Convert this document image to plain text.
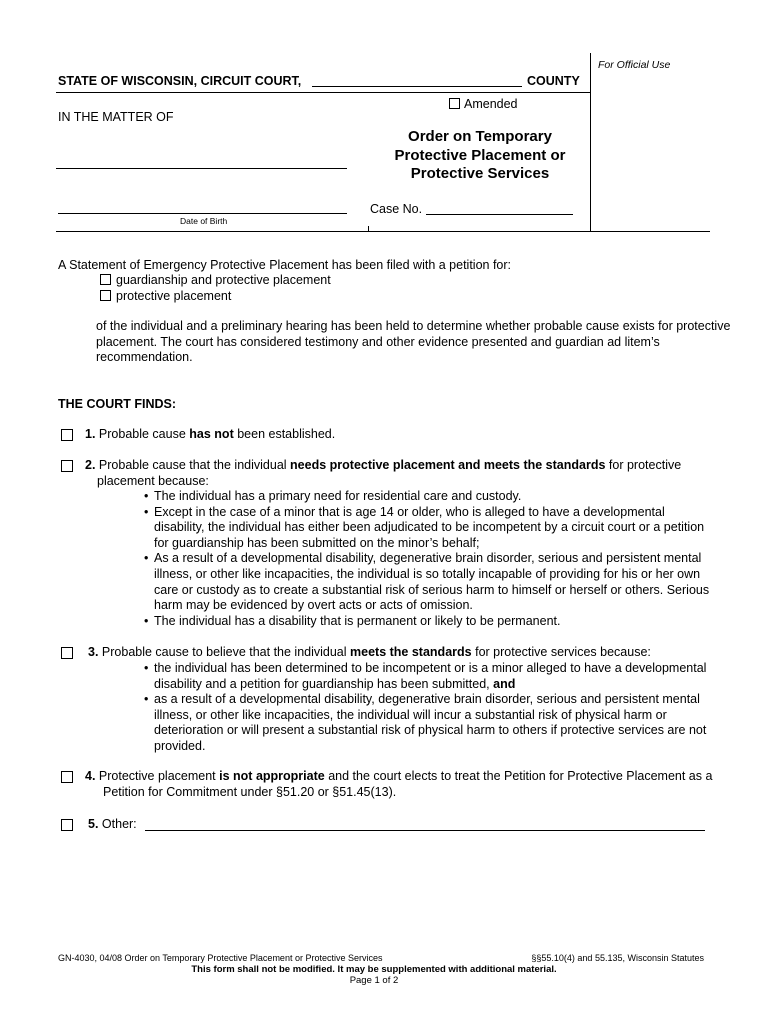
For Official Use
STATE OF WISCONSIN, CIRCUIT COURT,	COUNTY
Amended
IN THE MATTER OF
Order on Temporary
Protective Placement or
Protective Services
Case No.
Date of Birth
A Statement of Emergency Protective Placement has been filed with a petition for:
guardianship and protective placement
protective placement
of the individual and a preliminary hearing has been held to determine whether probable cause exists for protective placement. The court has considered testimony and other evidence presented and guardian ad litem’s recommendation.
THE COURT FINDS:
1. Probable cause has not been established.
2. Probable cause that the individual needs protective placement and meets the standards for protective placement because:
• The individual has a primary need for residential care and custody.
• Except in the case of a minor that is age 14 or older, who is alleged to have a developmental disability, the individual has either been adjudicated to be incompetent by a circuit court or a petition for guardianship has been submitted on the minor’s behalf;
• As a result of a developmental disability, degenerative brain disorder, serious and persistent mental illness, or other like incapacities, the individual is so totally incapable of providing for his or her own care or custody as to create a substantial risk of serious harm to himself or herself or others. Serious harm may be evidenced by overt acts or acts of omission.
• The individual has a disability that is permanent or likely to be permanent.
3. Probable cause to believe that the individual meets the standards for protective services because:
• the individual has been determined to be incompetent or is a minor alleged to have a developmental disability and a petition for guardianship has been submitted, and
• as a result of a developmental disability, degenerative brain disorder, serious and persistent mental illness, or other like incapacities, the individual will incur a substantial risk of physical harm or deterioration or will present a substantial risk of physical harm to others if protective services are not provided.
4. Protective placement is not appropriate and the court elects to treat the Petition for Protective Placement as a Petition for Commitment under §51.20 or §51.45(13).
5. Other:
GN-4030, 04/08 Order on Temporary Protective Placement or Protective Services	§§55.10(4) and 55.135, Wisconsin Statutes
This form shall not be modified. It may be supplemented with additional material.
Page 1 of 2
